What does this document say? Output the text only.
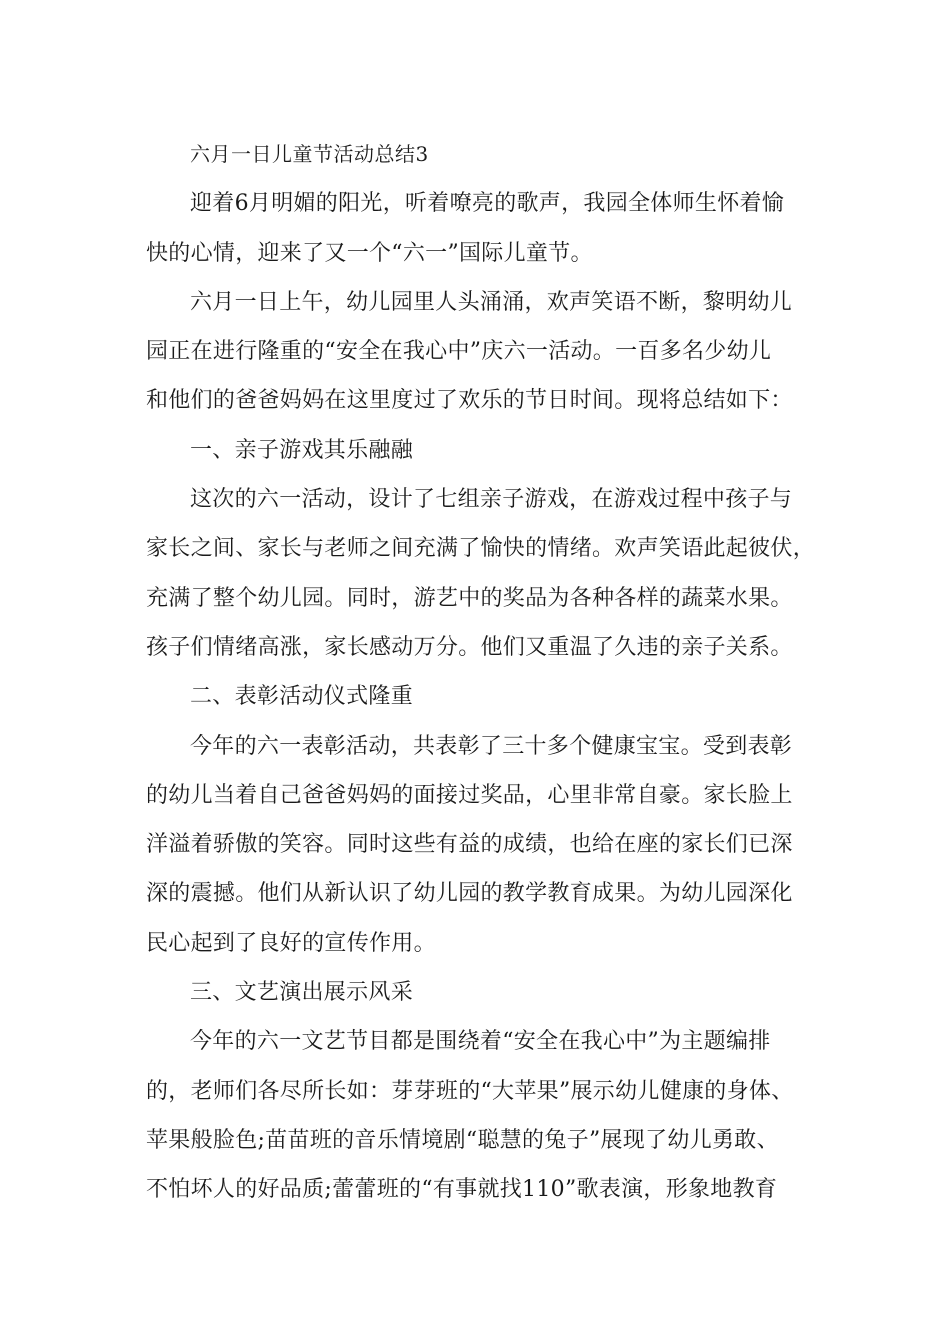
六月一日儿童节活动总结3
迎着6月明媚的阳光，听着嘹亮的歌声，我园全体师生怀着愉
快的心情，迎来了又一个“六一”国际儿童节。
六月一日上午，幼儿园里人头涌涌，欢声笑语不断，黎明幼儿
园正在进行隆重的“安全在我心中”庆六一活动。一百多名少幼儿
和他们的爸爸妈妈在这里度过了欢乐的节日时间。现将总结如下：
一、亲子游戏其乐融融
这次的六一活动，设计了七组亲子游戏，在游戏过程中孩子与
家长之间、家长与老师之间充满了愉快的情绪。欢声笑语此起彼伏，
充满了整个幼儿园。同时，游艺中的奖品为各种各样的蔬菜水果。
孩子们情绪高涨，家长感动万分。他们又重温了久违的亲子关系。
二、表彰活动仪式隆重
今年的六一表彰活动，共表彰了三十多个健康宝宝。受到表彰
的幼儿当着自己爸爸妈妈的面接过奖品，心里非常自豪。家长脸上
洋溢着骄傲的笑容。同时这些有益的成绩，也给在座的家长们已深
深的震撼。他们从新认识了幼儿园的教学教育成果。为幼儿园深化
民心起到了良好的宣传作用。
三、文艺演出展示风采
今年的六一文艺节目都是围绕着“安全在我心中”为主题编排
的，老师们各尽所长如：芽芽班的“大苹果”展示幼儿健康的身体、
苹果般脸色;苗苗班的音乐情境剧“聪慧的兔子”展现了幼儿勇敢、
不怕坏人的好品质;蕾蕾班的“有事就找110”歌表演，形象地教育
